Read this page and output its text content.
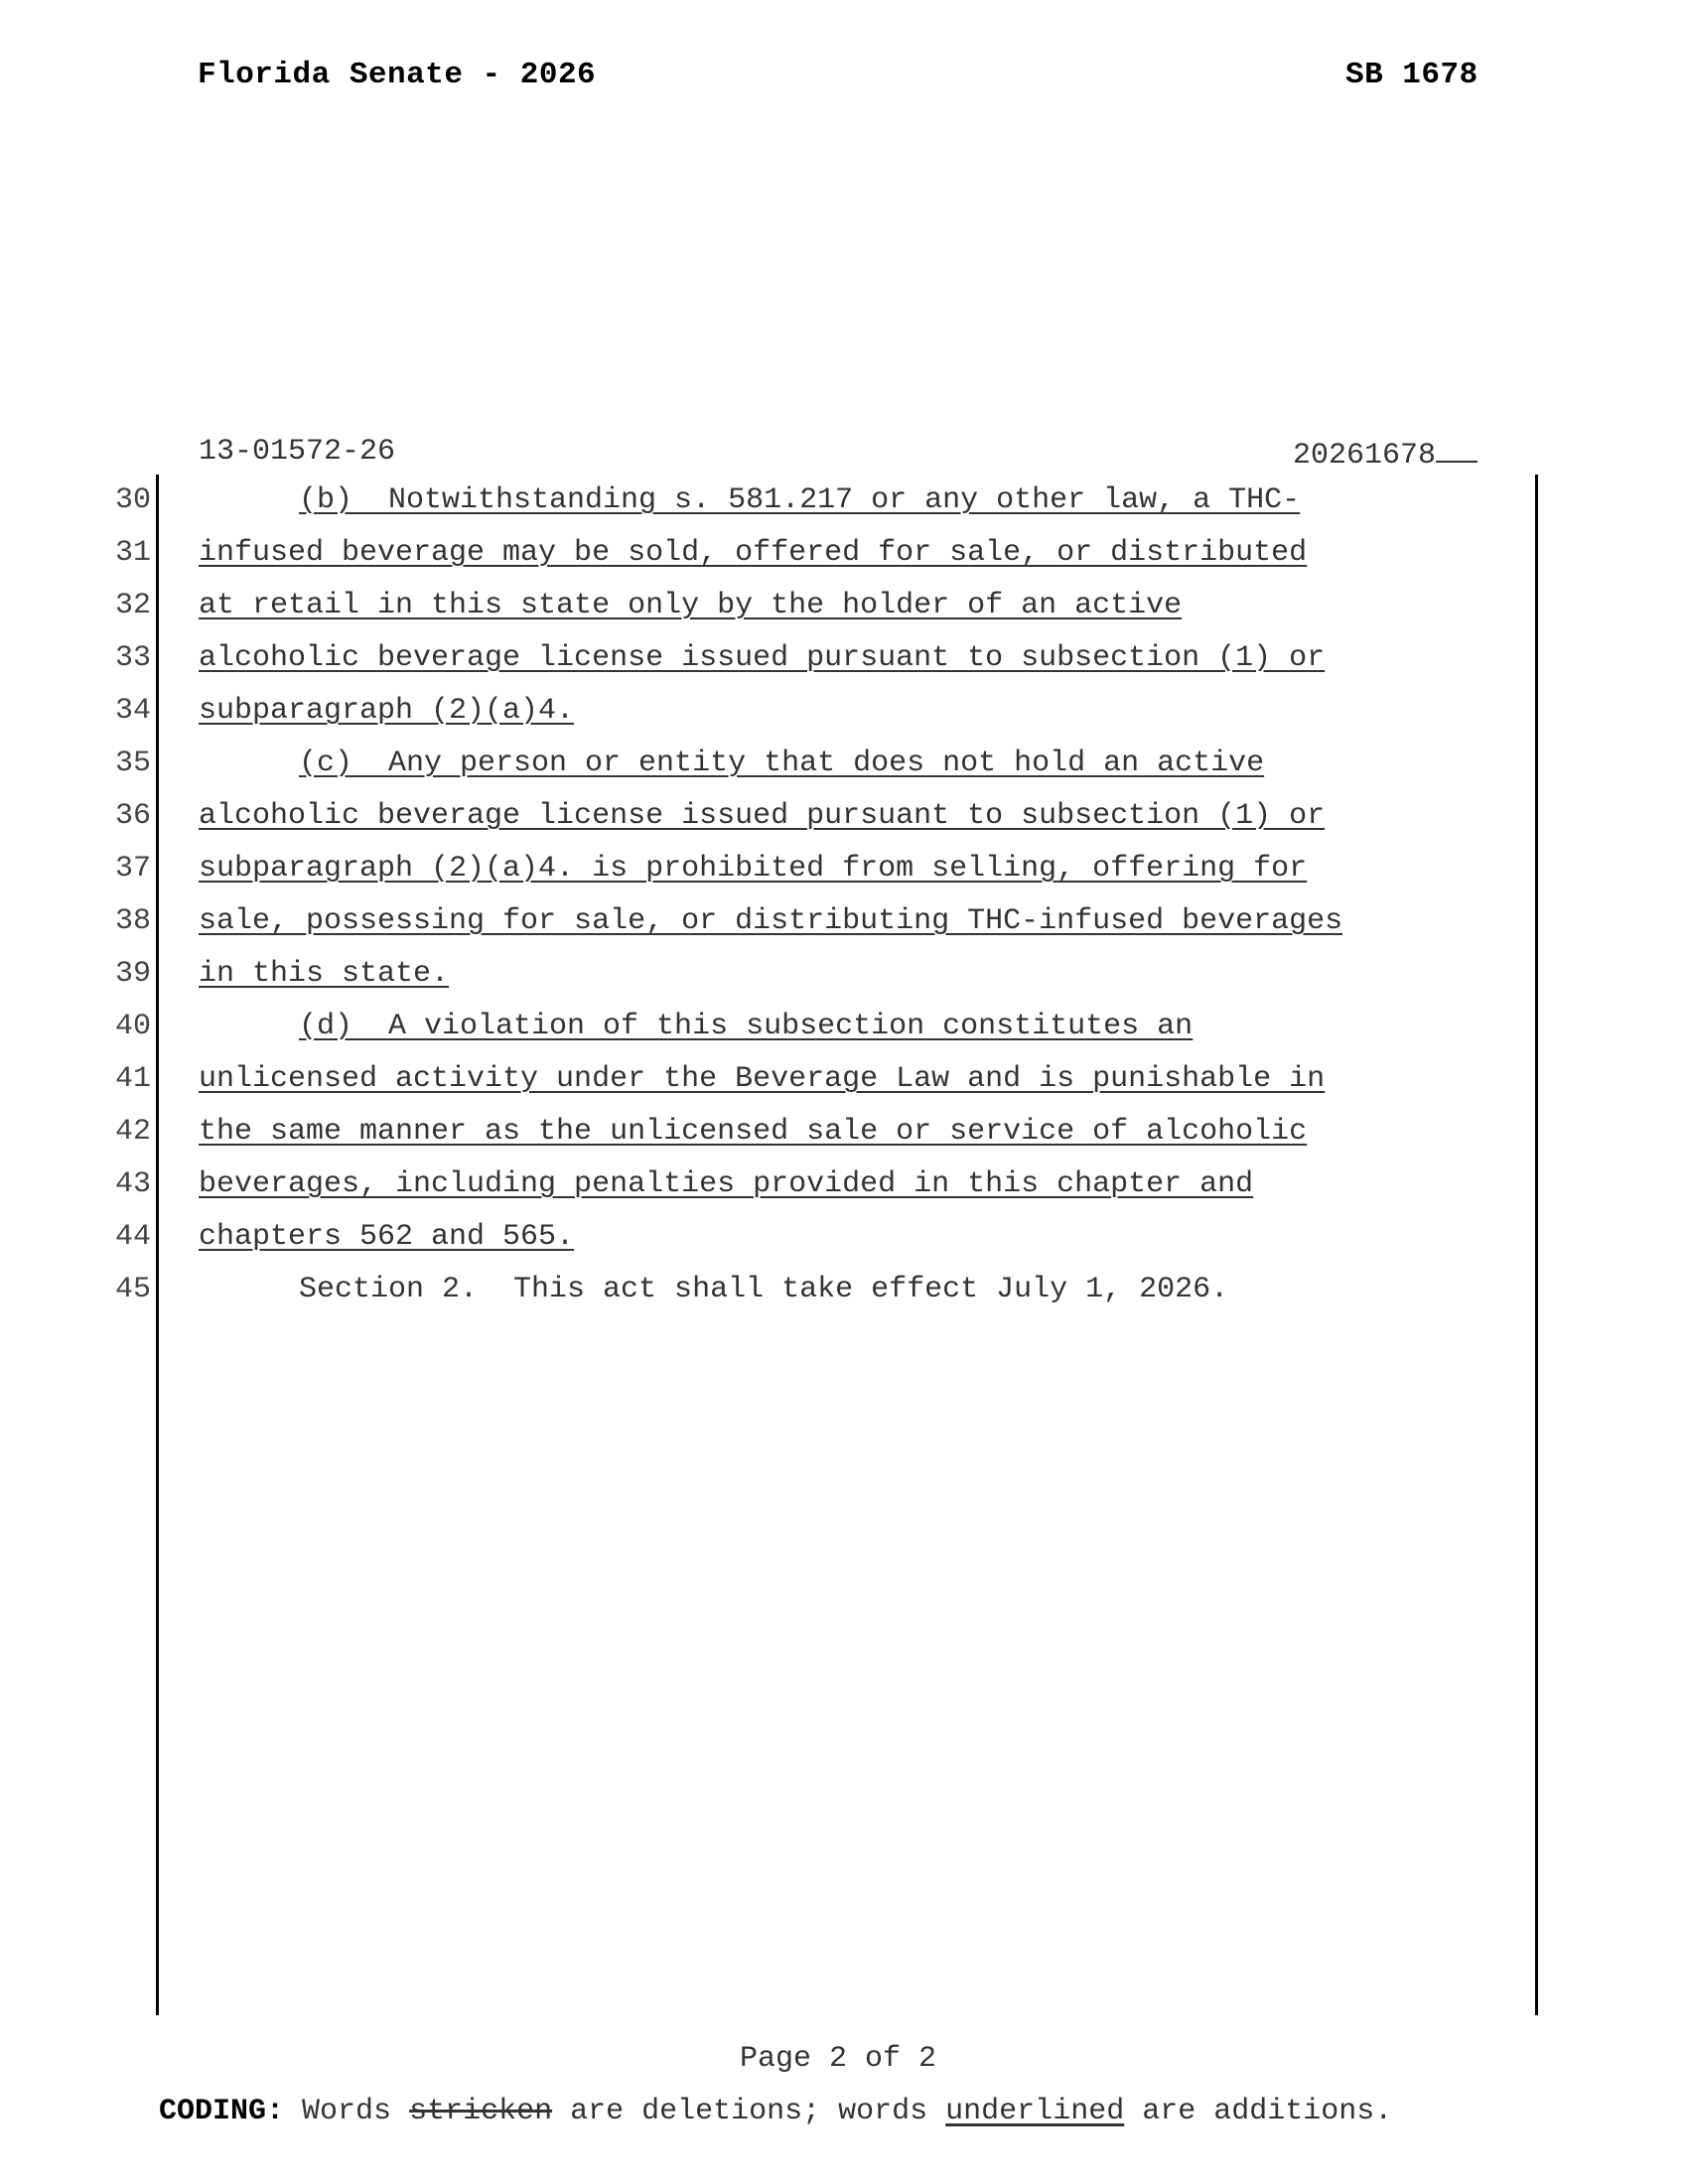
Florida Senate - 2026	SB 1678
13-01572-26	20261678
30	(b)  Notwithstanding s. 581.217 or any other law, a THC-
31 infused beverage may be sold, offered for sale, or distributed
32 at retail in this state only by the holder of an active
33 alcoholic beverage license issued pursuant to subsection (1) or
34 subparagraph (2)(a)4.
35	(c)  Any person or entity that does not hold an active
36 alcoholic beverage license issued pursuant to subsection (1) or
37 subparagraph (2)(a)4. is prohibited from selling, offering for
38 sale, possessing for sale, or distributing THC-infused beverages
39 in this state.
40	(d)  A violation of this subsection constitutes an
41 unlicensed activity under the Beverage Law and is punishable in
42 the same manner as the unlicensed sale or service of alcoholic
43 beverages, including penalties provided in this chapter and
44 chapters 562 and 565.
45	Section 2.  This act shall take effect July 1, 2026.
Page 2 of 2
CODING: Words stricken are deletions; words underlined are additions.
